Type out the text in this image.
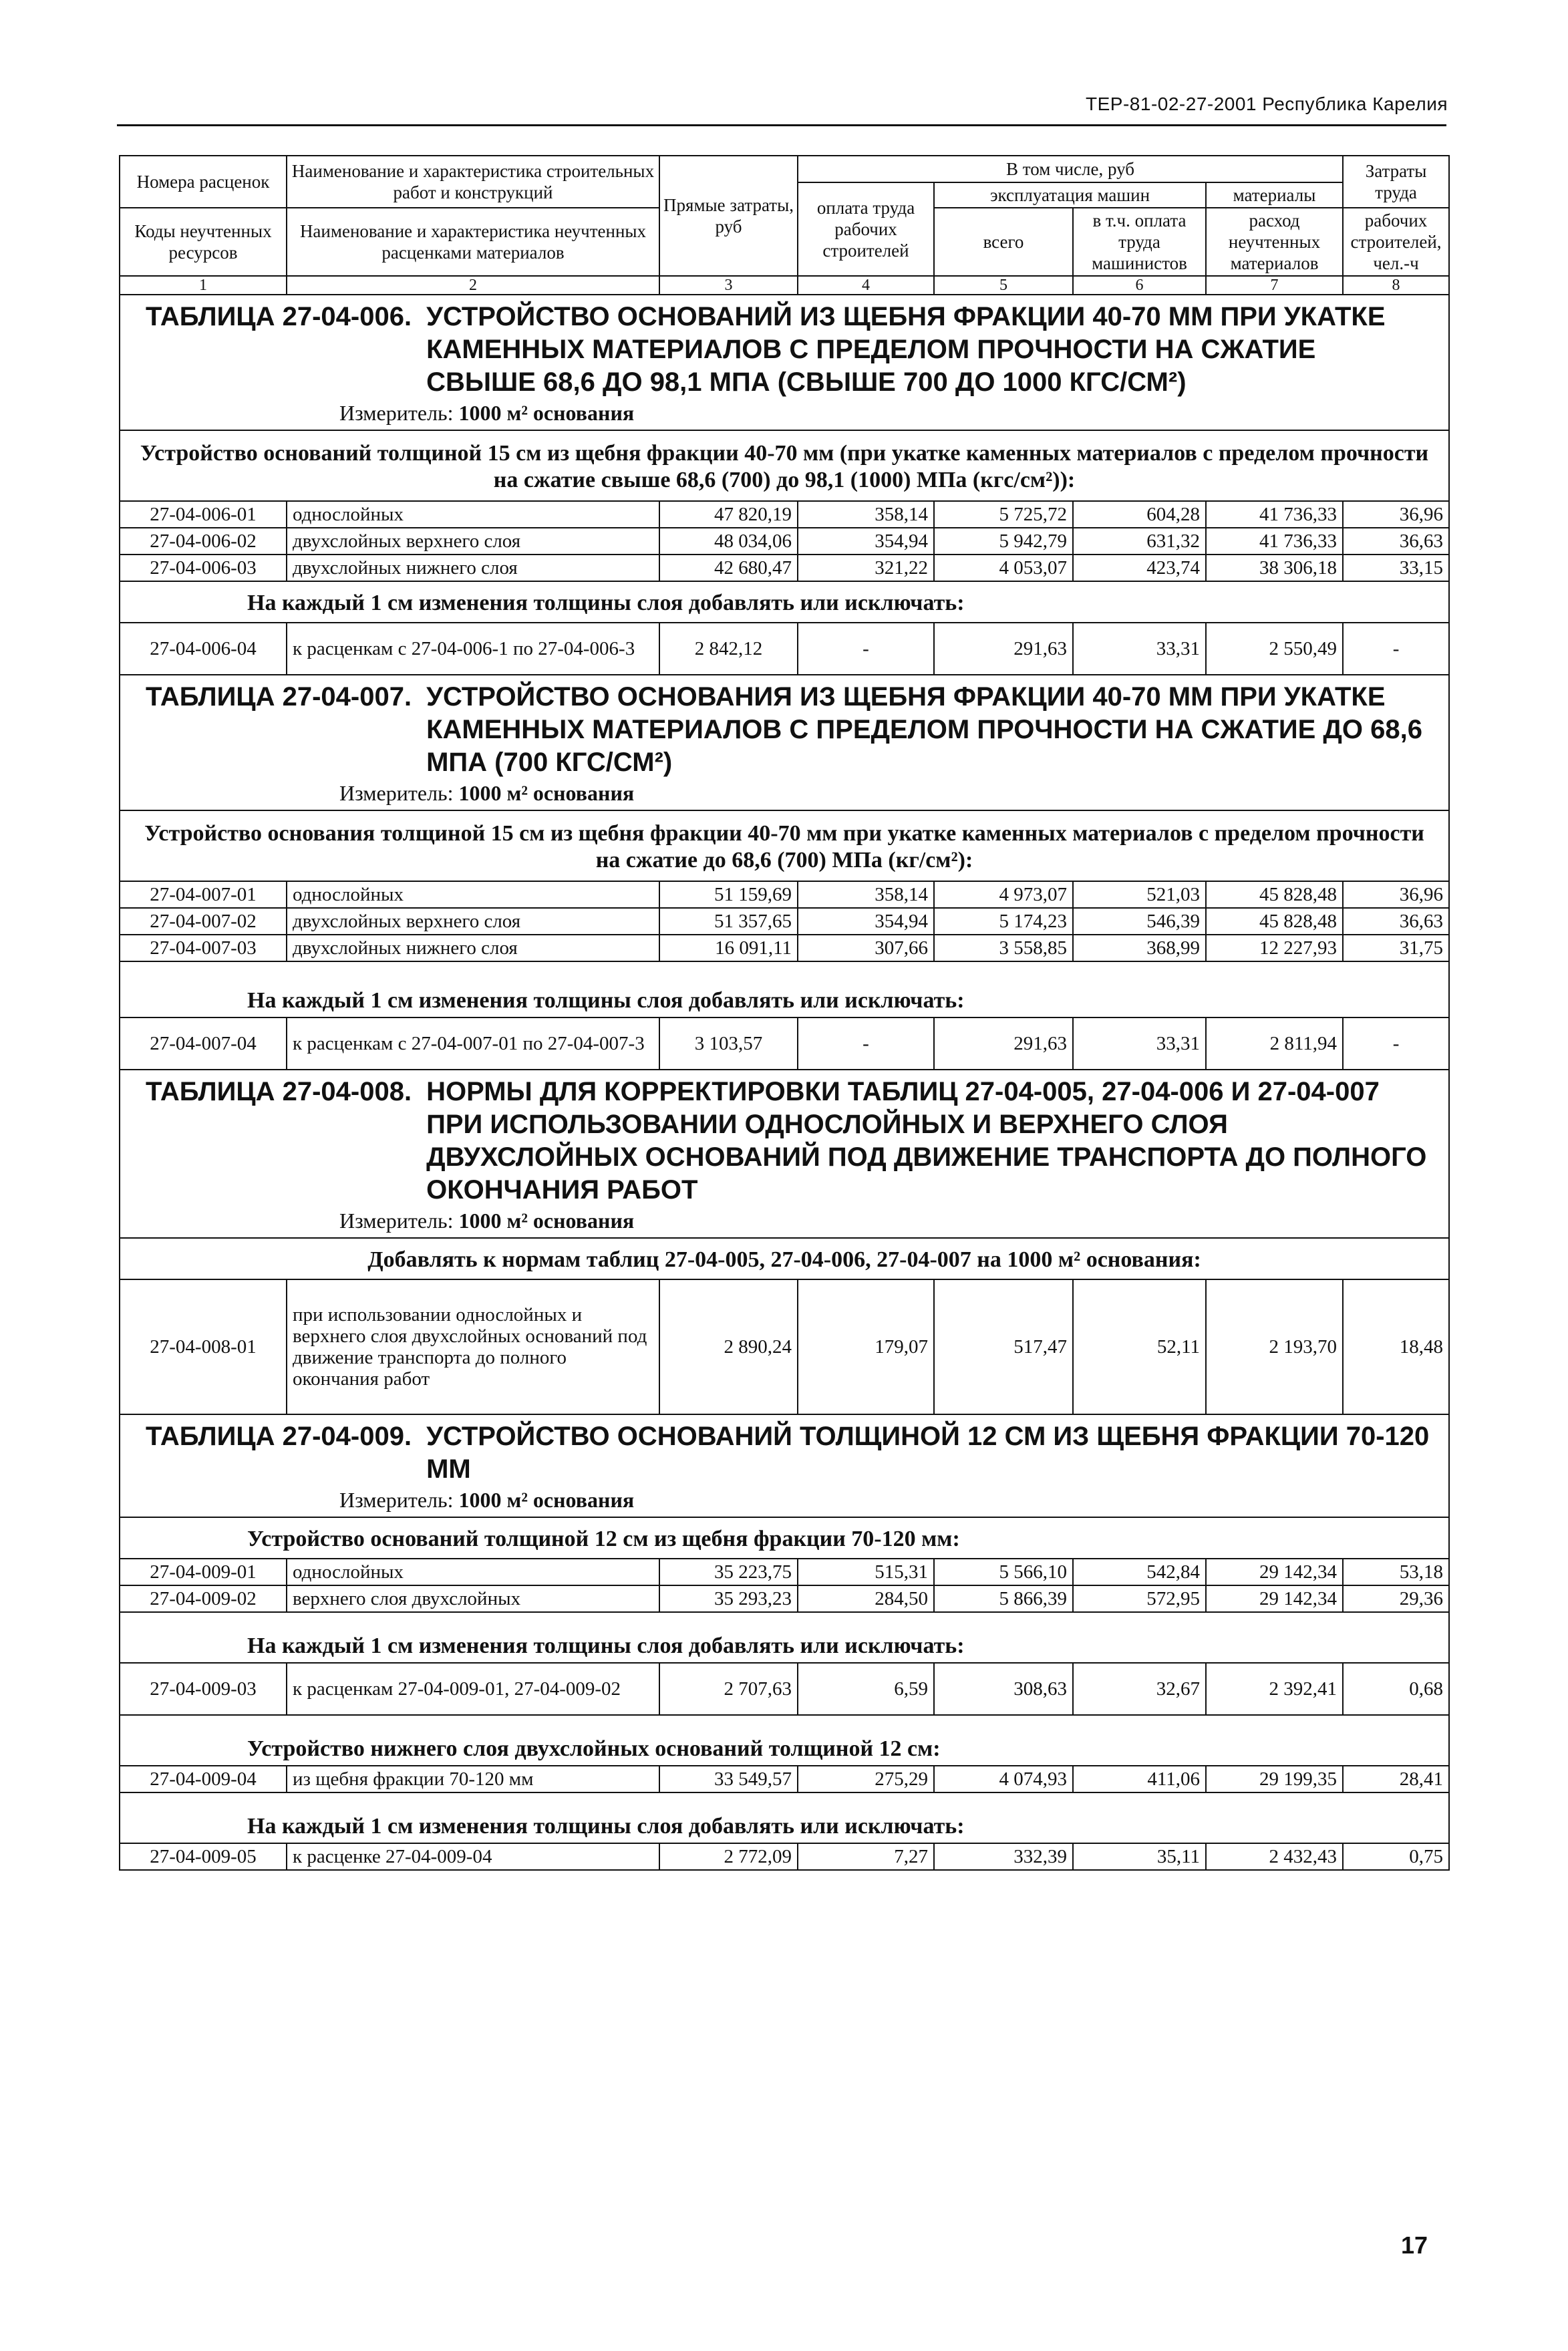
ТЕР-81-02-27-2001 Республика Карелия
Номера расценок	Наименование и характеристика строительных работ и конструкций	Прямые затраты, руб	В том числе, руб				Затраты труда
			оплата труда рабочих строителей	эксплуатация машин		материалы	
Коды неучтенных ресурсов	Наименование и характеристика неучтенных расценками материалов			всего	в т.ч. оплата труда машинистов	расход неучтенных материалов	рабочих строителей, чел.-ч

1	2	3	4	5	6	7	8

ТАБЛИЦА 27-04-006. УСТРОЙСТВО ОСНОВАНИЙ ИЗ ЩЕБНЯ ФРАКЦИИ 40-70 ММ ПРИ УКАТКЕ КАМЕННЫХ МАТЕРИАЛОВ С ПРЕДЕЛОМ ПРОЧНОСТИ НА СЖАТИЕ СВЫШЕ 68,6 ДО 98,1 МПА (СВЫШЕ 700 ДО 1000 КГС/СМ²)
Измеритель: 1000 м² основания							

Устройство оснований толщиной 15 см из щебня фракции 40-70 мм (при укатке каменных материалов с пределом прочности на сжатие свыше 68,6 (700) до 98,1 (1000) МПа (кгс/см²)):							
27-04-006-01	однослойных	47 820,19	358,14	5 725,72	604,28	41 736,33	36,96
27-04-006-02	двухслойных верхнего слоя	48 034,06	354,94	5 942,79	631,32	41 736,33	36,63
27-04-006-03	двухслойных нижнего слоя	42 680,47	321,22	4 053,07	423,74	38 306,18	33,15
На каждый 1 см изменения толщины слоя добавлять или исключать:							
27-04-006-04	к расценкам с 27-04-006-1 по 27-04-006-3	2 842,12	-	291,63	33,31	2 550,49	-

ТАБЛИЦА 27-04-007. УСТРОЙСТВО ОСНОВАНИЯ ИЗ ЩЕБНЯ ФРАКЦИИ 40-70 ММ ПРИ УКАТКЕ КАМЕННЫХ МАТЕРИАЛОВ С ПРЕДЕЛОМ ПРОЧНОСТИ НА СЖАТИЕ ДО 68,6 МПА (700 КГС/СМ²)
Измеритель: 1000 м² основания							

Устройство основания толщиной 15 см из щебня фракции 40-70 мм при укатке каменных материалов с пределом прочности на сжатие до 68,6 (700) МПа (кг/см²):							
27-04-007-01	однослойных	51 159,69	358,14	4 973,07	521,03	45 828,48	36,96
27-04-007-02	двухслойных верхнего слоя	51 357,65	354,94	5 174,23	546,39	45 828,48	36,63
27-04-007-03	двухслойных нижнего слоя	16 091,11	307,66	3 558,85	368,99	12 227,93	31,75
На каждый 1 см изменения толщины слоя добавлять или исключать:							
27-04-007-04	к расценкам с 27-04-007-01 по 27-04-007-3	3 103,57	-	291,63	33,31	2 811,94	-

ТАБЛИЦА 27-04-008. НОРМЫ ДЛЯ КОРРЕКТИРОВКИ ТАБЛИЦ 27-04-005, 27-04-006 И 27-04-007 ПРИ ИСПОЛЬЗОВАНИИ ОДНОСЛОЙНЫХ И ВЕРХНЕГО СЛОЯ ДВУХСЛОЙНЫХ ОСНОВАНИЙ ПОД ДВИЖЕНИЕ ТРАНСПОРТА ДО ПОЛНОГО ОКОНЧАНИЯ РАБОТ
Измеритель: 1000 м² основания							

Добавлять к нормам таблиц 27-04-005, 27-04-006, 27-04-007 на 1000 м² основания:							
27-04-008-01	при использовании однослойных и верхнего слоя двухслойных оснований под движение транспорта до полного окончания работ	2 890,24	179,07	517,47	52,11	2 193,70	18,48

ТАБЛИЦА 27-04-009. УСТРОЙСТВО ОСНОВАНИЙ ТОЛЩИНОЙ 12 СМ ИЗ ЩЕБНЯ ФРАКЦИИ 70-120 ММ
Измеритель: 1000 м² основания							

Устройство оснований толщиной 12 см из щебня фракции 70-120 мм:							
27-04-009-01	однослойных	35 223,75	515,31	5 566,10	542,84	29 142,34	53,18
27-04-009-02	верхнего слоя двухслойных	35 293,23	284,50	5 866,39	572,95	29 142,34	29,36
На каждый 1 см изменения толщины слоя добавлять или исключать:							
27-04-009-03	к расценкам 27-04-009-01, 27-04-009-02	2 707,63	6,59	308,63	32,67	2 392,41	0,68
Устройство нижнего слоя двухслойных оснований толщиной 12 см:							
27-04-009-04	из щебня фракции 70-120 мм	33 549,57	275,29	4 074,93	411,06	29 199,35	28,41
На каждый 1 см изменения толщины слоя добавлять или исключать:							
27-04-009-05	к расценке 27-04-009-04	2 772,09	7,27	332,39	35,11	2 432,43	0,75
17
